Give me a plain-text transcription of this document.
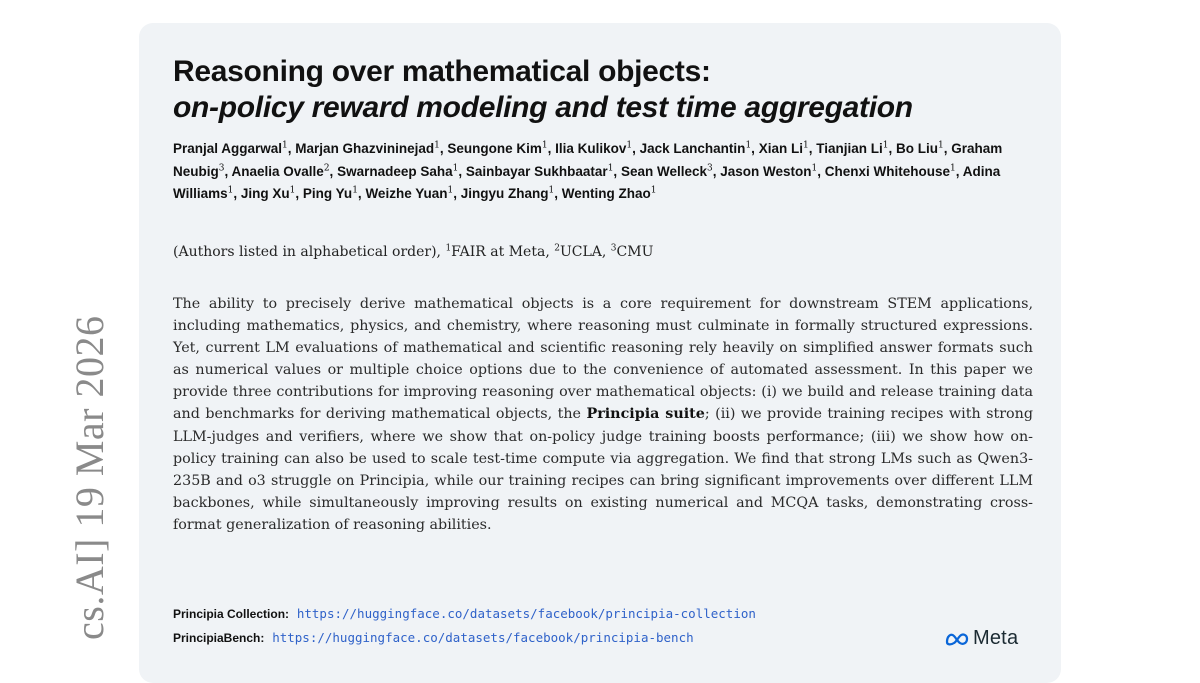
cs.AI] 19 Mar 2026
Reasoning over mathematical objects:
on-policy reward modeling and test time aggregation
Pranjal Aggarwal$^1$, Marjan Ghazvininejad$^1$, Seungone Kim$^1$, Ilia Kulikov$^1$, Jack Lanchantin$^1$, Xian Li$^1$, Tianjian Li$^1$, Bo Liu$^1$, Graham Neubig$^3$, Anaelia Ovalle$^2$, Swarnadeep Saha$^1$, Sainbayar Sukhbaatar$^1$, Sean Welleck$^3$, Jason Weston$^1$, Chenxi Whitehouse$^1$, Adina Williams$^1$, Jing Xu$^1$, Ping Yu$^1$, Weizhe Yuan$^1$, Jingyu Zhang$^1$, Wenting Zhao$^1$
(Authors listed in alphabetical order), $^1$FAIR at Meta, $^2$UCLA, $^3$CMU

The ability to precisely derive mathematical objects is a core requirement for downstream STEM applications, including mathematics, physics, and chemistry, where reasoning must culminate in formally structured expressions. Yet, current LM evaluations of mathematical and scientific reasoning rely heavily on simplified answer formats such as numerical values or multiple choice options due to the convenience of automated assessment. In this paper we provide three contributions for improving reasoning over mathematical objects: (i) we build and release training data and benchmarks for deriving mathematical objects, the Principia suite; (ii) we provide training recipes with strong LLM-judges and verifiers, where we show that on-policy judge training boosts performance; (iii) we show how on-policy training can also be used to scale test-time compute via aggregation. We find that strong LMs such as Qwen3-235B and o3 struggle on Principia, while our training recipes can bring significant improvements over different LLM backbones, while simultaneously improving results on existing numerical and MCQA tasks, demonstrating cross-format generalization of reasoning abilities.

Principia Collection: https://huggingface.co/datasets/facebook/principia-collection
PrincipiaBench: https://huggingface.co/datasets/facebook/principia-bench	Meta
